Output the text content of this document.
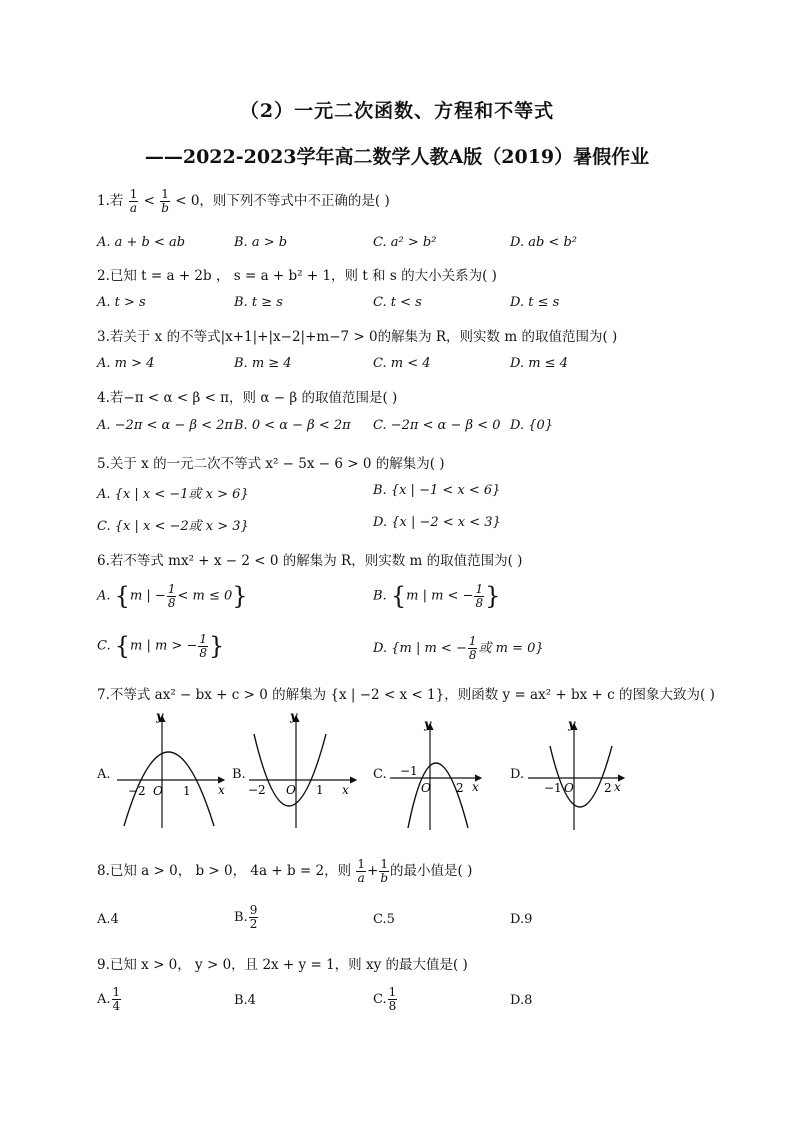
（2）一元二次函数、方程和不等式
——2022-2023学年高二数学人教A版（2019）暑假作业
1.若 $\frac{1}{a} < \frac{1}{b} < 0$，则下列不等式中不正确的是( )
A. a + b < ab	B. a > b	C. a² > b²	D. ab < b²
2.已知 t = a + 2b ， s = a + b² + 1，则 t 和 s 的大小关系为( )
A. t > s	B. t ≥ s	C. t < s	D. t ≤ s
3.若关于 x 的不等式|x+1|+|x−2|+m−7 > 0的解集为 R，则实数 m 的取值范围为( )
A. m > 4	B. m ≥ 4	C. m < 4	D. m ≤ 4
4.若−π < α < β < π，则 α − β 的取值范围是( )
A. −2π < α − β < 2π B. 0 < α − β < 2π C. −2π < α − β < 0 D. {0}
5.关于 x 的一元二次不等式 x² − 5x − 6 > 0 的解集为( )
A. {x | x < −1或 x > 6}	B. {x | −1 < x < 6}
C. {x | x < −2或 x > 3}	D. {x | −2 < x < 3}
6.若不等式 mx² + x − 2 < 0 的解集为 R，则实数 m 的取值范围为( )
A. {m | − $\frac{1}{8} < m \le 0$}	B. {m | m < − $\frac{1}{8}$ }
C. {m | m > − $\frac{1}{8}$ }	D. {m | m < − $\frac{1}{8}$ 或 m = 0}
7.不等式 ax² − bx + c > 0 的解集为 {x | −2 < x < 1}，则函数 y = ax² + bx + c 的图象大致为( )
A.
y
x
−2 O 1
B.
y
x
−2 O 1
C.
y
x
−1
O 2
D.
y
x
−1 O	2
8.已知 a > 0， b > 0， 4a + b = 2，则 $\frac{1}{a} + \frac{1}{b}$ 的最小值是( )
A.4	B. $\frac{9}{2}$	C.5	D.9
9.已知 x > 0， y > 0，且 2x + y = 1，则 xy 的最大值是( )
A. $\frac{1}{4}$	B.4	C. $\frac{1}{8}$	D.8
